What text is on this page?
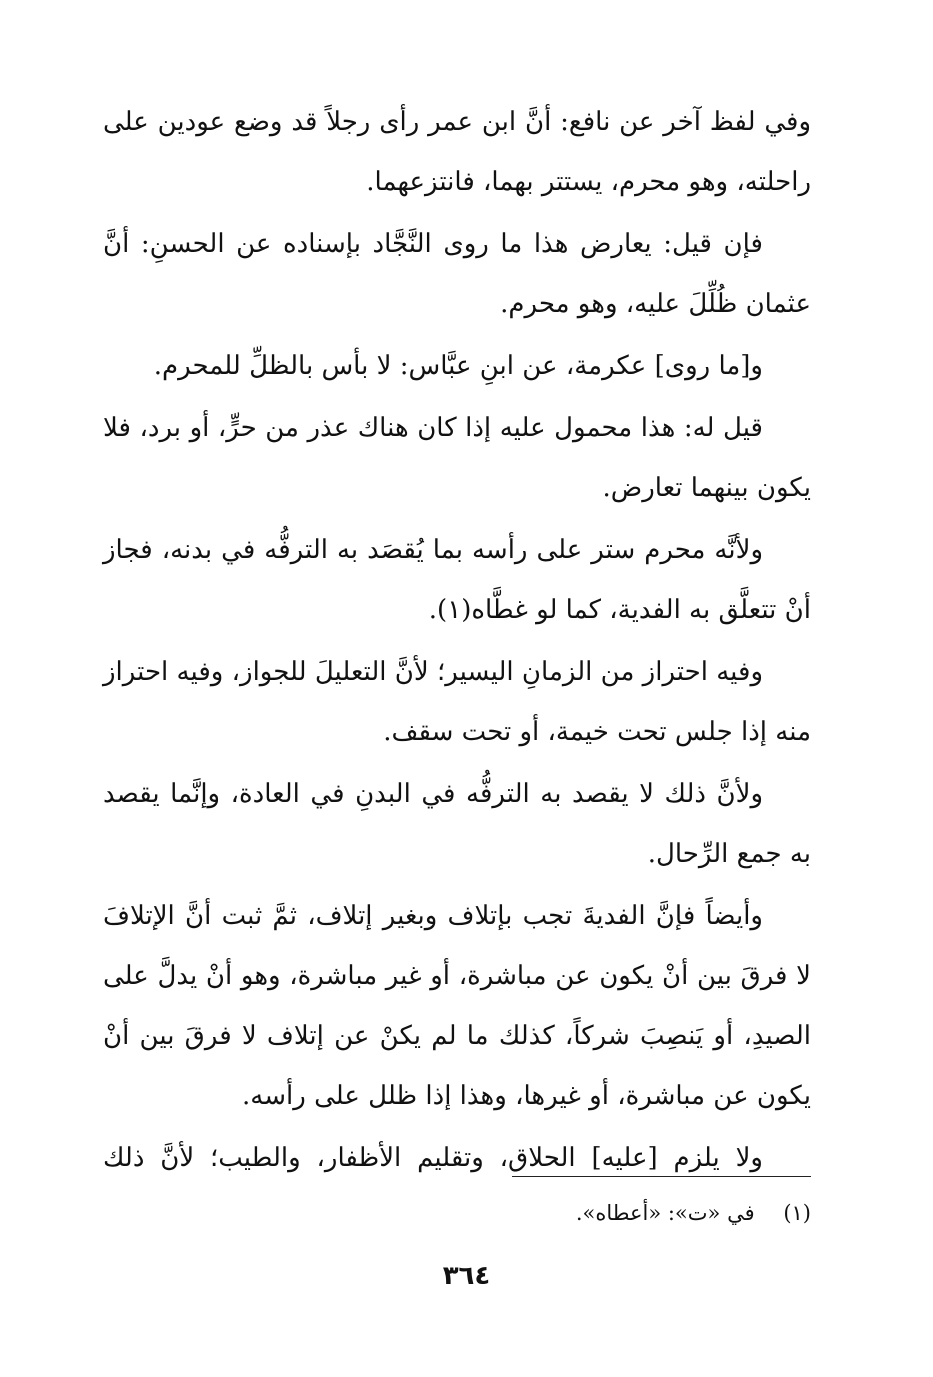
وفي لفظ آخر عن نافع: أنَّ ابن عمر رأى رجلاً قد وضع عودين على راحلته، وهو محرم، يستتر بهما، فانتزعهما.

فإن قيل: يعارض هذا ما روى النَّجَّاد بإسناده عن الحسنِ: أنَّ عثمان ظُلِّلَ عليه، وهو محرم.

و[ما روى] عكرمة، عن ابنِ عبَّاس: لا بأس بالظلِّ للمحرم.

قيل له: هذا محمول عليه إذا كان هناك عذر من حرٍّ، أو برد، فلا يكون بينهما تعارض.

ولأنَّه محرم ستر على رأسه بما يُقصَد به الترفُّه في بدنه، فجاز أنْ تتعلَّق به الفدية، كما لو غطَّاه(١).

وفيه احتراز من الزمانِ اليسير؛ لأنَّ التعليلَ للجواز، وفيه احتراز منه إذا جلس تحت خيمة، أو تحت سقف.

ولأنَّ ذلك لا يقصد به الترفُّه في البدنِ في العادة، وإنَّما يقصد به جمع الرِّحال.

وأيضاً فإنَّ الفديةَ تجب بإتلاف وبغير إتلاف، ثمَّ ثبت أنَّ الإتلافَ لا فرقَ بين أنْ يكون عن مباشرة، أو غير مباشرة، وهو أنْ يدلَّ على الصيدِ، أو يَنصِبَ شركاً، كذلك ما لم يكنْ عن إتلاف لا فرقَ بين أنْ يكون عن مباشرة، أو غيرها، وهذا إذا ظلل على رأسه.

ولا يلزم [عليه] الحلاق، وتقليم الأظفار، والطيب؛ لأنَّ ذلك

(١) في «ت»: «أعطاه».
٣٦٤
